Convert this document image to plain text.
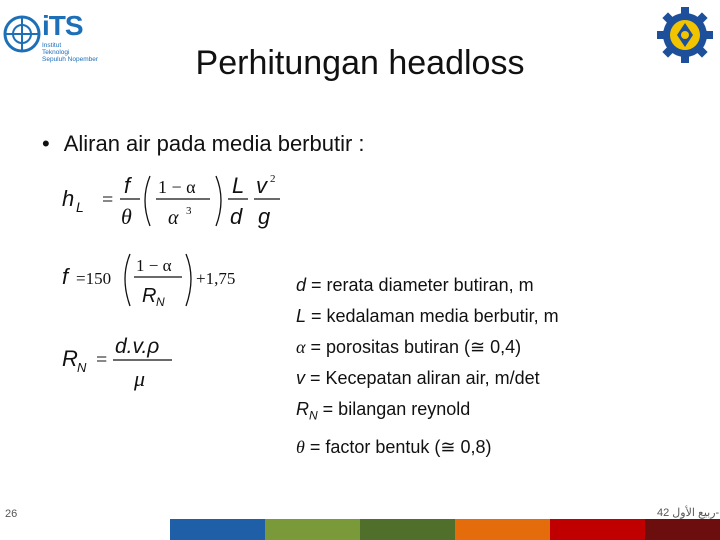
iTS
Institut
Teknologi
Sepuluh Nopember	Perhitungan headloss
• Aliran air pada media berbutir :
h L =
f
θ
1 − α
α 3
L
d
v 2
g
f =150
1 − α
R N
+1,75
R N =
d.v.ρ
μ
d = rerata diameter butiran, m
L = kedalaman media berbutir, m
α = porositas butiran (≅ 0,4)
v = Kecepatan aliran air, m/det
$R_N$ = bilangan reynold
θ = factor bentuk (≅ 0,8)
26	ربيع الأول 42-
